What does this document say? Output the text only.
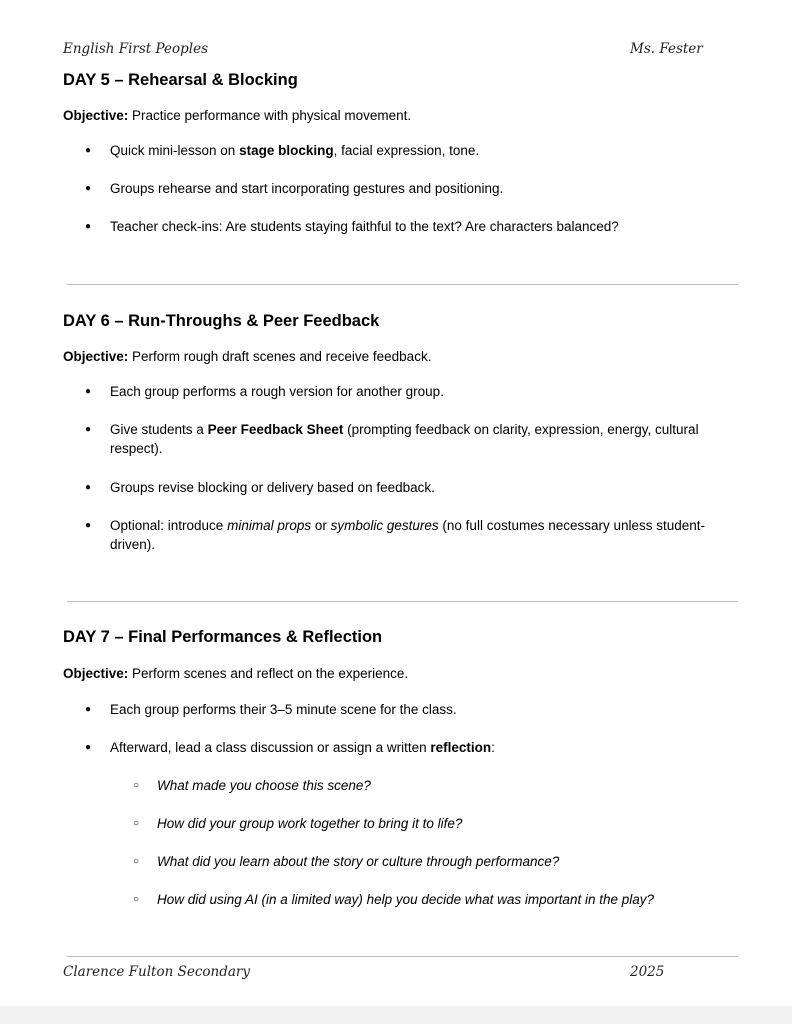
English First Peoples	Ms. Fester
DAY 5 – Rehearsal & Blocking

Objective: Practice performance with physical movement.

● Quick mini-lesson on stage blocking, facial expression, tone.

● Groups rehearse and start incorporating gestures and positioning.

● Teacher check-ins: Are students staying faithful to the text? Are characters balanced?

DAY 6 – Run-Throughs & Peer Feedback

Objective: Perform rough draft scenes and receive feedback.

● Each group performs a rough version for another group.

● Give students a Peer Feedback Sheet (prompting feedback on clarity, expression, energy, cultural respect).

● Groups revise blocking or delivery based on feedback.

● Optional: introduce minimal props or symbolic gestures (no full costumes necessary unless student-driven).

DAY 7 – Final Performances & Reflection

Objective: Perform scenes and reflect on the experience.

● Each group performs their 3–5 minute scene for the class.

● Afterward, lead a class discussion or assign a written reflection:

○ What made you choose this scene?

○ How did your group work together to bring it to life?

○ What did you learn about the story or culture through performance?

○ How did using AI (in a limited way) help you decide what was important in the play?

Clarence Fulton Secondary	2025
